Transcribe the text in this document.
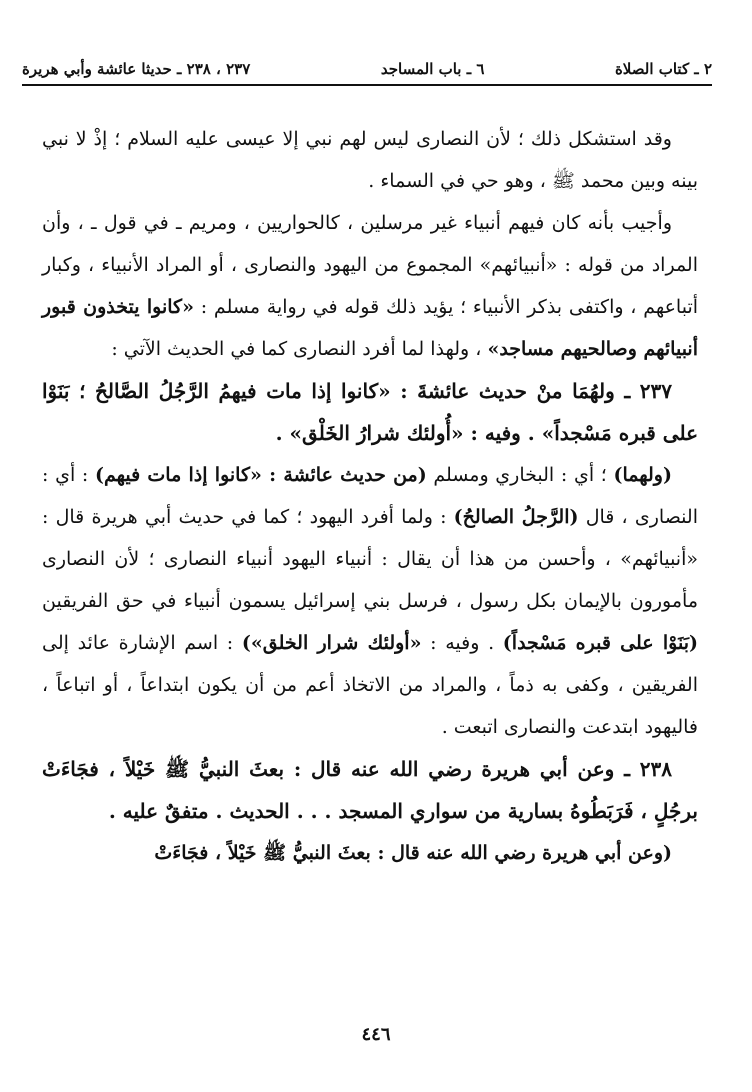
٢ ـ كتاب الصلاة
٦ ـ باب المساجد
٢٣٧ ، ٢٣٨ ـ حديثا عائشة وأبي هريرة

وقد استشكل ذلك ؛ لأن النصارى ليس لهم نبي إلا عيسى عليه السلام ؛ إذْ لا نبي بينه وبين محمد ﷺ ، وهو حي في السماء .

وأجيب بأنه كان فيهم أنبياء غير مرسلين ، كالحواريين ، ومريم ـ في قول ـ ، وأن المراد من قوله : «أنبيائهم» المجموع من اليهود والنصارى ، أو المراد الأنبياء ، وكبار أتباعهم ، واكتفى بذكر الأنبياء ؛ يؤيد ذلك قوله في رواية مسلم : «كانوا يتخذون قبور أنبيائهم وصالحيهم مساجد» ، ولهذا لما أفرد النصارى كما في الحديث الآتي :

٢٣٧ ـ ولهُمَا منْ حديث عائشةَ : «كانوا إذا مات فيهمُ الرَّجُلُ الصَّالحُ ؛ بَنَوْا على قبره مَسْجداً» . وفيه : «أُولئك شرارُ الخَلْق» .

(ولهما) ؛ أي : البخاري ومسلم (من حديث عائشة : «كانوا إذا مات فيهم) : أي : النصارى ، قال (الرَّجلُ الصالحُ) : ولما أفرد اليهود ؛ كما في حديث أبي هريرة قال : «أنبيائهم» ، وأحسن من هذا أن يقال : أنبياء اليهود أنبياء النصارى ؛ لأن النصارى مأمورون بالإيمان بكل رسول ، فرسل بني إسرائيل يسمون أنبياء في حق الفريقين (بَنَوْا على قبره مَسْجداً) . وفيه : «أولئك شرار الخلق») : اسم الإشارة عائد إلى الفريقين ، وكفى به ذماً ، والمراد من الاتخاذ أعم من أن يكون ابتداعاً ، أو اتباعاً ، فاليهود ابتدعت والنصارى اتبعت .

٢٣٨ ـ وعن أبي هريرة رضي الله عنه قال : بعثَ النبيُّ ﷺ خَيْلاً ، فجَاءَتْ برجُلٍ ، فَرَبَطُوهُ بسارية من سواري المسجد . . . الحديث . متفقٌ عليه .

(وعن أبي هريرة رضي الله عنه قال : بعثَ النبيُّ ﷺ خَيْلاً ، فجَاءَتْ

٤٤٦
